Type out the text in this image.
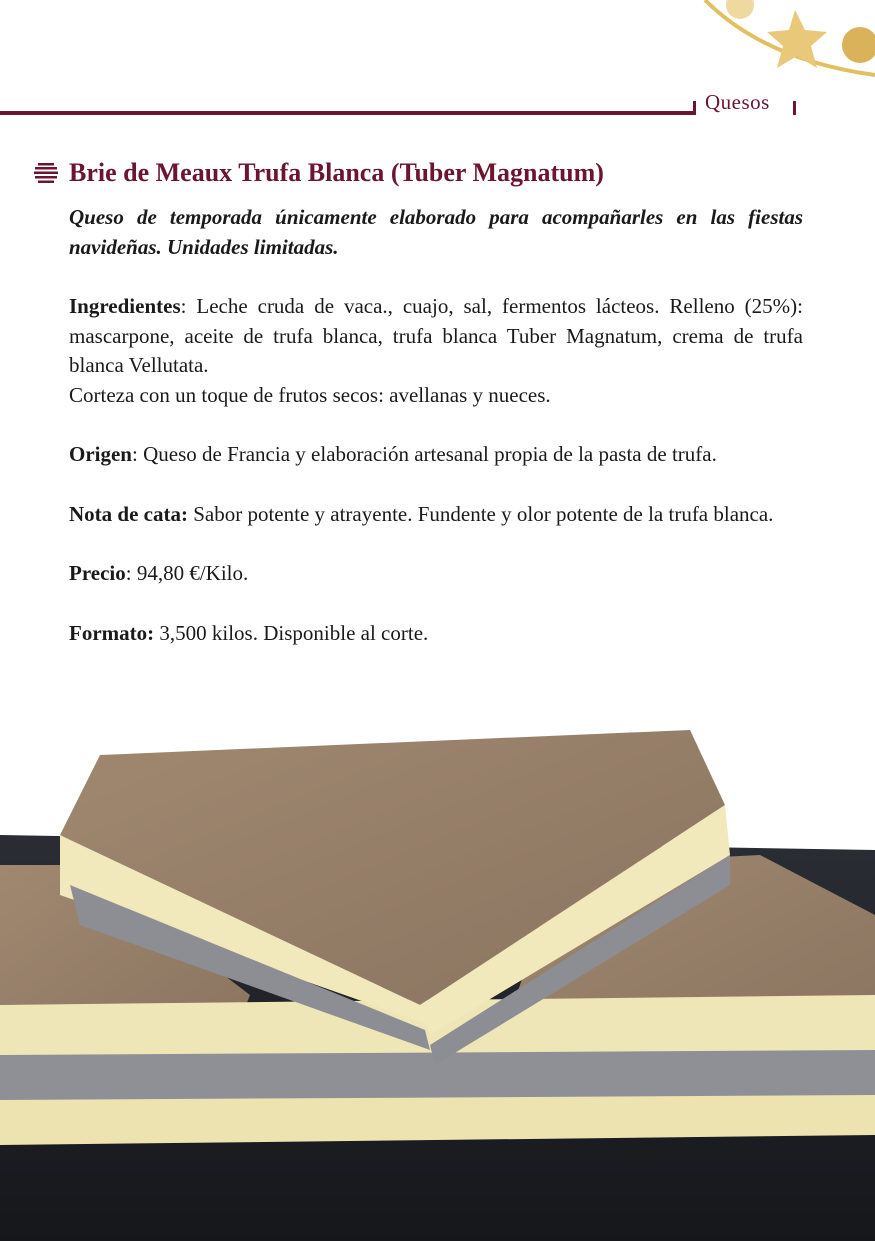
Quesos
Brie de Meaux Trufa Blanca (Tuber Magnatum)

Queso de temporada únicamente elaborado para acompañarles en las fiestas navideñas. Unidades limitadas.

Ingredientes: Leche cruda de vaca., cuajo, sal, fermentos lácteos. Relleno (25%): mascarpone, aceite de trufa blanca, trufa blanca Tuber Magnatum, crema de trufa blanca Vellutata.

Corteza con un toque de frutos secos: avellanas y nueces.

Origen: Queso de Francia y elaboración artesanal propia de la pasta de trufa.

Nota de cata: Sabor potente y atrayente. Fundente y olor potente de la trufa blanca.

Precio: 94,80 €/Kilo.

Formato: 3,500 kilos. Disponible al corte.
